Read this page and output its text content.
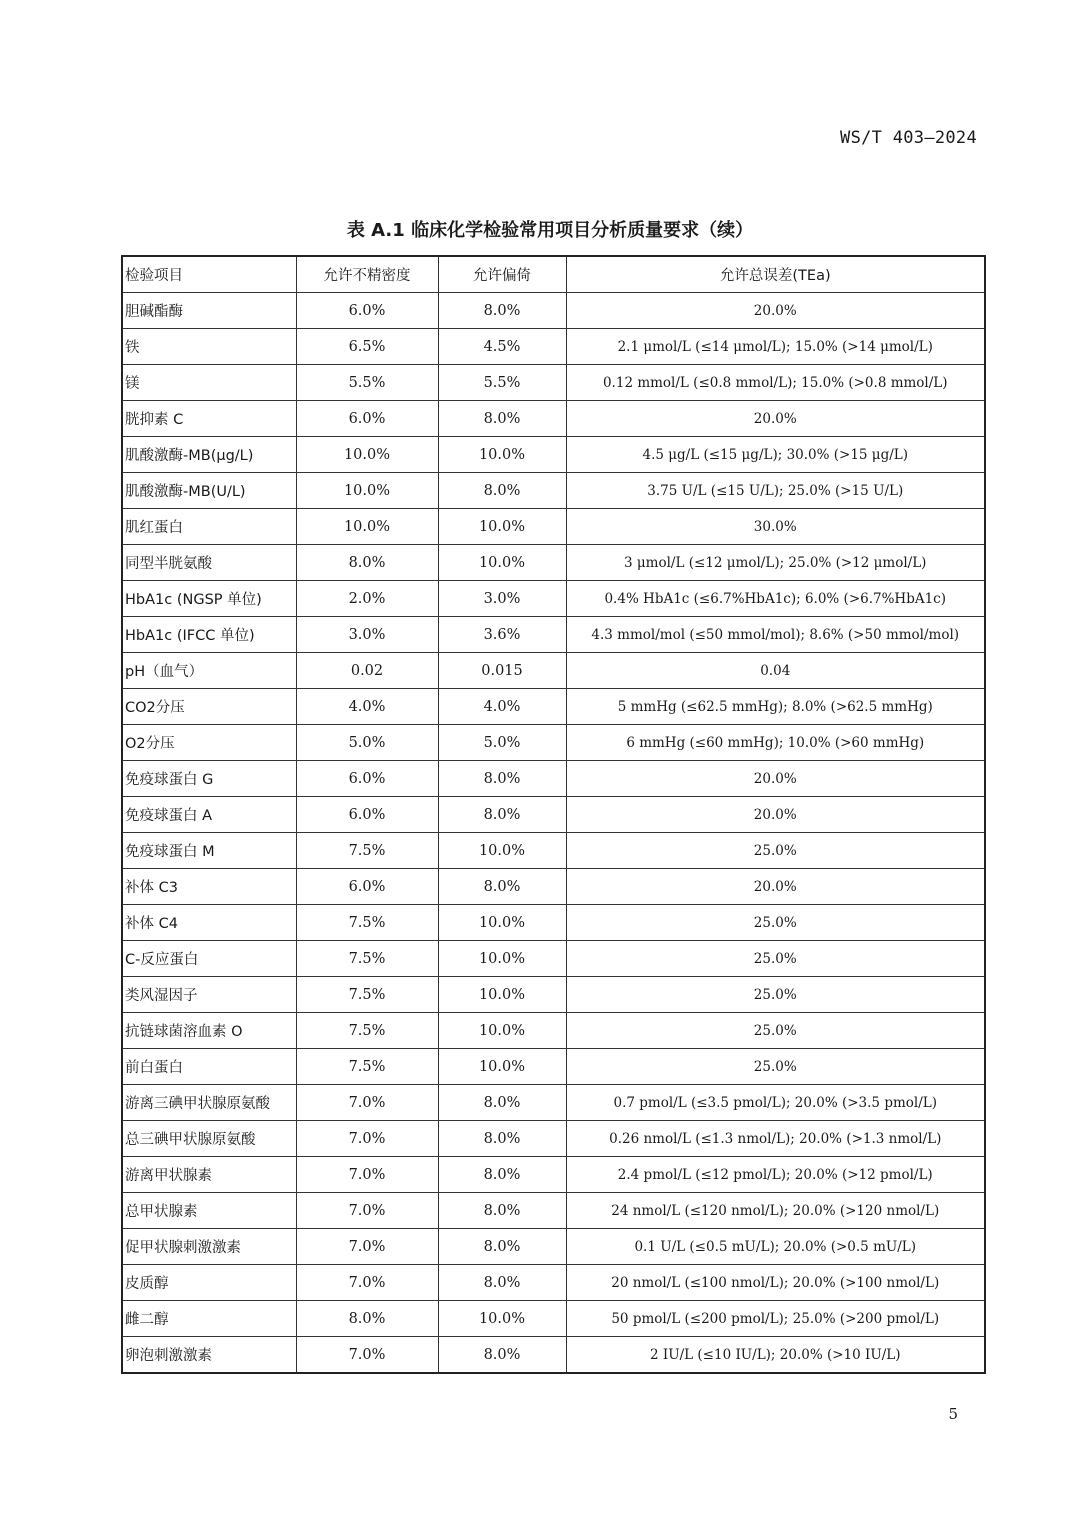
WS/T 403—2024
表 A.1 临床化学检验常用项目分析质量要求（续）
检验项目	允许不精密度	允许偏倚	允许总误差(TEa)
胆碱酯酶	6.0%	8.0%	20.0%
铁	6.5%	4.5%	2.1 μmol/L (≤14 μmol/L); 15.0% (>14 μmol/L)
镁	5.5%	5.5%	0.12 mmol/L (≤0.8 mmol/L); 15.0% (>0.8 mmol/L)
胱抑素 C	6.0%	8.0%	20.0%
肌酸激酶-MB(μg/L)	10.0%	10.0%	4.5 μg/L (≤15 μg/L); 30.0% (>15 μg/L)
肌酸激酶-MB(U/L)	10.0%	8.0%	3.75 U/L (≤15 U/L); 25.0% (>15 U/L)
肌红蛋白	10.0%	10.0%	30.0%
同型半胱氨酸	8.0%	10.0%	3 μmol/L (≤12 μmol/L); 25.0% (>12 μmol/L)
HbA1c (NGSP 单位)	2.0%	3.0%	0.4% HbA1c (≤6.7%HbA1c); 6.0% (>6.7%HbA1c)
HbA1c (IFCC 单位)	3.0%	3.6%	4.3 mmol/mol (≤50 mmol/mol); 8.6% (>50 mmol/mol)
pH（血气）	0.02	0.015	0.04
CO2分压	4.0%	4.0%	5 mmHg (≤62.5 mmHg); 8.0% (>62.5 mmHg)
O2分压	5.0%	5.0%	6 mmHg (≤60 mmHg); 10.0% (>60 mmHg)
免疫球蛋白 G	6.0%	8.0%	20.0%
免疫球蛋白 A	6.0%	8.0%	20.0%
免疫球蛋白 M	7.5%	10.0%	25.0%
补体 C3	6.0%	8.0%	20.0%
补体 C4	7.5%	10.0%	25.0%
C-反应蛋白	7.5%	10.0%	25.0%
类风湿因子	7.5%	10.0%	25.0%
抗链球菌溶血素 O	7.5%	10.0%	25.0%
前白蛋白	7.5%	10.0%	25.0%
游离三碘甲状腺原氨酸	7.0%	8.0%	0.7 pmol/L (≤3.5 pmol/L); 20.0% (>3.5 pmol/L)
总三碘甲状腺原氨酸	7.0%	8.0%	0.26 nmol/L (≤1.3 nmol/L); 20.0% (>1.3 nmol/L)
游离甲状腺素	7.0%	8.0%	2.4 pmol/L (≤12 pmol/L); 20.0% (>12 pmol/L)
总甲状腺素	7.0%	8.0%	24 nmol/L (≤120 nmol/L); 20.0% (>120 nmol/L)
促甲状腺刺激激素	7.0%	8.0%	0.1 U/L (≤0.5 mU/L); 20.0% (>0.5 mU/L)
皮质醇	7.0%	8.0%	20 nmol/L (≤100 nmol/L); 20.0% (>100 nmol/L)
雌二醇	8.0%	10.0%	50 pmol/L (≤200 pmol/L); 25.0% (>200 pmol/L)
卵泡刺激激素	7.0%	8.0%	2 IU/L (≤10 IU/L); 20.0% (>10 IU/L)
5
